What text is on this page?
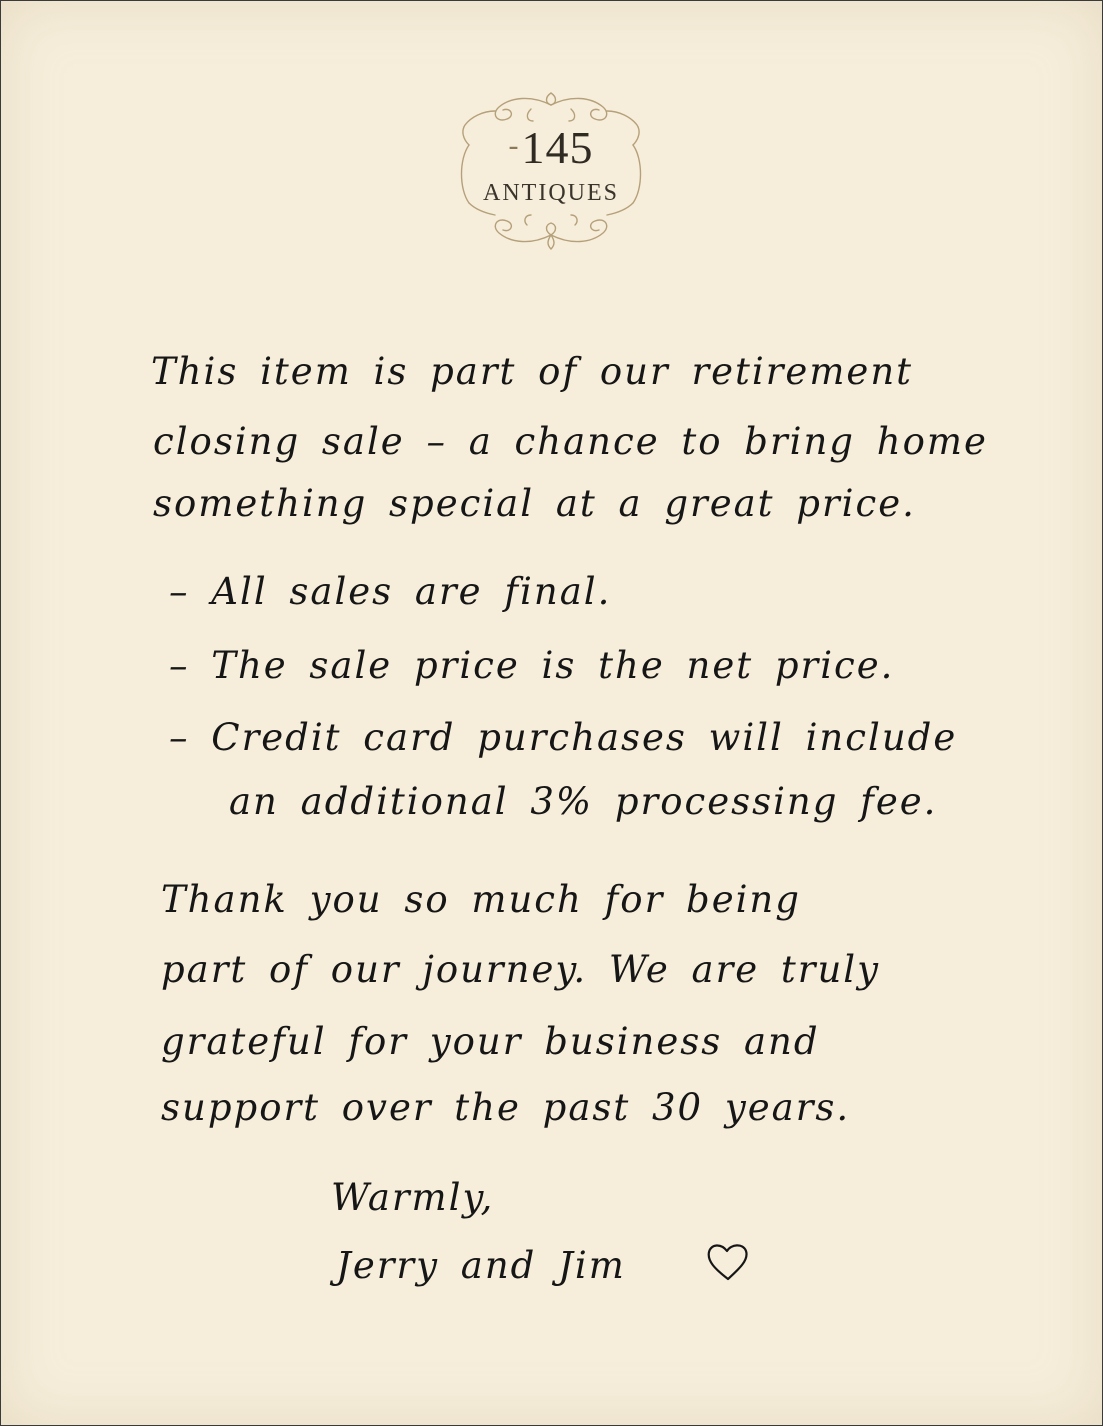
-145
ANTIQUES
This item is part of our retirement
closing sale – a chance to bring home
something special at a great price.
– All sales are final.
– The sale price is the net price.
– Credit card purchases will include
an additional 3% processing fee.
Thank you so much for being
part of our journey. We are truly
grateful for your business and
support over the past 30 years.
Warmly,
Jerry and Jim
